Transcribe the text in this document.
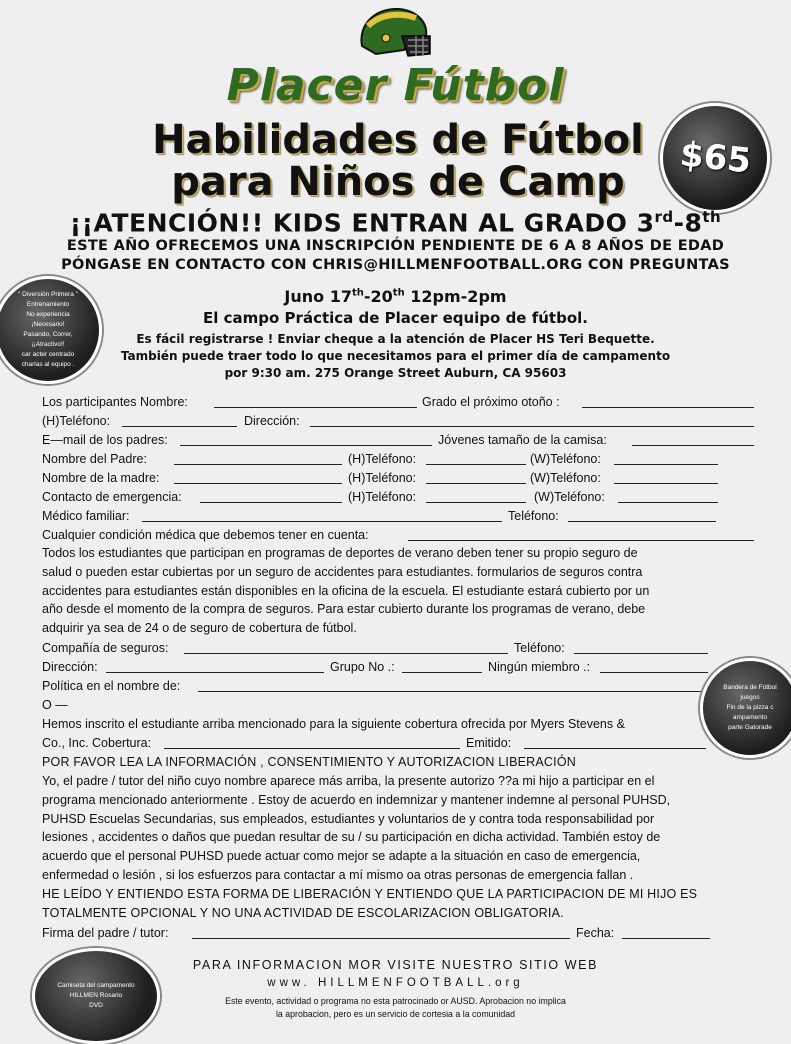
Placer Fútbol
Habilidades de Fútbol
para Niños de Camp
$65
¡¡ATENCIÓN!! KIDS ENTRAN AL GRADO 3rd-8th
ESTE AÑO OFRECEMOS UNA INSCRIPCIÓN PENDIENTE DE 6 A 8 AÑOS DE EDAD
PÓNGASE EN CONTACTO CON CHRIS@HILLMENFOOTBALL.ORG CON PREGUNTAS
“ Diversión Primera ”
Entrenamiento
No experiencia
¡Necesario!
Pasando, Correr,
¡¡Atractivo!!
car acter centrado
charlas al equipo .
Juno 17th-20th 12pm-2pm
El campo Práctica de Placer equipo de fútbol.
Es fácil registrarse ! Enviar cheque a la atención de Placer HS Teri Bequette.
También puede traer todo lo que necesitamos para el primer día de campamento
por 9:30 am. 275 Orange Street Auburn, CA 95603
Los participantes Nombre:	Grado el próximo otoño :
(H)Teléfono:	Dirección:
E—mail de los padres:	Jóvenes tamaño de la camisa:
Nombre del Padre:	(H)Teléfono:	(W)Teléfono:
Nombre de la madre:	(H)Teléfono:	(W)Teléfono:
Contacto de emergencia:	(H)Teléfono:	(W)Teléfono:
Médico familiar:	Teléfono:
Cualquier condición médica que debemos tener en cuenta:
Todos los estudiantes que participan en programas de deportes de verano deben tener su propio seguro de
salud o pueden estar cubiertas por un seguro de accidentes para estudiantes. formularios de seguros contra
accidentes para estudiantes están disponibles en la oficina de la escuela. El estudiante estará cubierto por un
año desde el momento de la compra de seguros. Para estar cubierto durante los programas de verano, debe
adquirir ya sea de 24 o de seguro de cobertura de fútbol.
Compañía de seguros:	Teléfono:
Dirección:	Grupo No .:	Ningún miembro .:
Política en el nombre de:
O —
Hemos inscrito el estudiante arriba mencionado para la siguiente cobertura ofrecida por Myers Stevens &
Co., Inc. Cobertura:	Emitido:
POR FAVOR LEA LA INFORMACIÓN , CONSENTIMIENTO Y AUTORIZACION LIBERACIÓN
Yo, el padre / tutor del niño cuyo nombre aparece más arriba, la presente autorizo ??a mi hijo a participar en el
programa mencionado anteriormente . Estoy de acuerdo en indemnizar y mantener indemne al personal PUHSD,
PUHSD Escuelas Secundarias, sus empleados, estudiantes y voluntarios de y contra toda responsabilidad por
lesiones , accidentes o daños que puedan resultar de su / su participación en dicha actividad. También estoy de
acuerdo que el personal PUHSD puede actuar como mejor se adapte a la situación en caso de emergencia,
enfermedad o lesión , si los esfuerzos para contactar a mí mismo oa otras personas de emergencia fallan .
HE LEÍDO Y ENTIENDO ESTA FORMA DE LIBERACIÓN Y ENTIENDO QUE LA PARTICIPACION DE MI HIJO ES
TOTALMENTE OPCIONAL Y NO UNA ACTIVIDAD DE ESCOLARIZACION OBLIGATORIA.
Firma del padre / tutor:	Fecha:
Bandera de Fútbol
juegos
Fin de la pizza c
ampamento
parte Gatorade
Camiseta del campamento
HILLMEN Rosario
DVD
PARA INFORMACION MOR VISITE NUESTRO SITIO WEB
www. HILLMENFOOTBALL.org
Este evento, actividad o programa no esta patrocinado or AUSD. Aprobacion no implica
la aprobacion, pero es un servicio de cortesia a la comunidad
